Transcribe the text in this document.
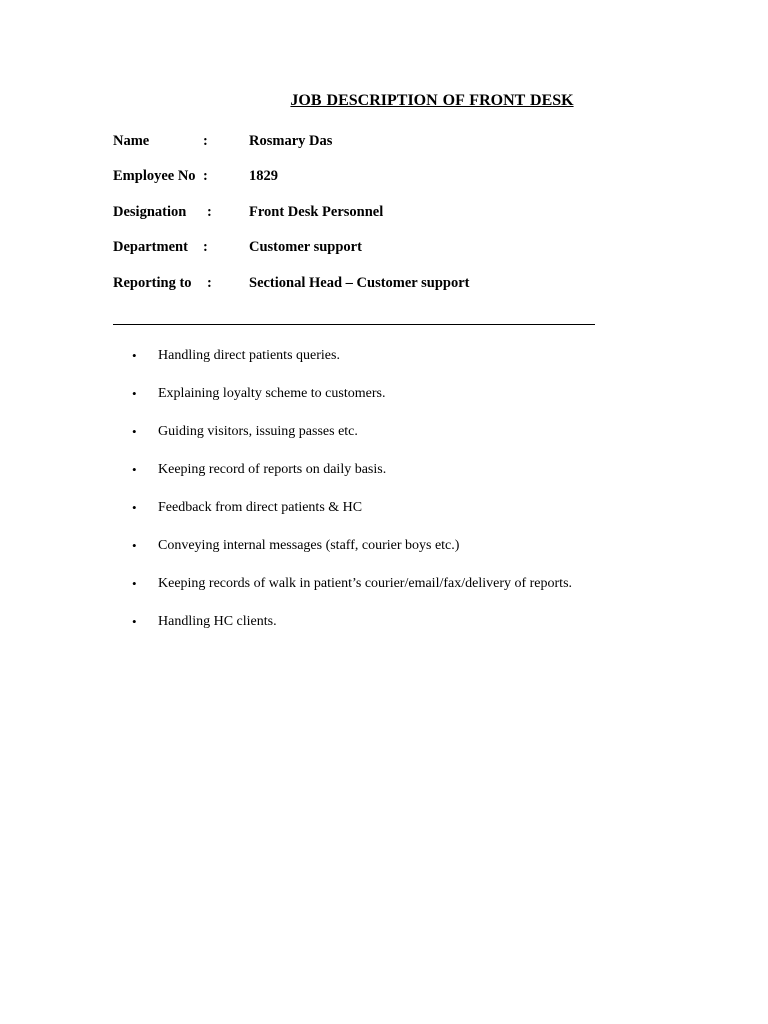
JOB DESCRIPTION OF FRONT DESK
Name	:	Rosmary Das
Employee No :	1829
Designation :	Front Desk Personnel
Department :	Customer support
Reporting to :	Sectional Head – Customer support
• Handling direct patients queries.
• Explaining loyalty scheme to customers.
• Guiding visitors, issuing passes etc.
• Keeping record of reports on daily basis.
• Feedback from direct patients & HC
• Conveying internal messages (staff, courier boys etc.)
• Keeping records of walk in patient’s courier/email/fax/delivery of reports.
• Handling HC clients.
